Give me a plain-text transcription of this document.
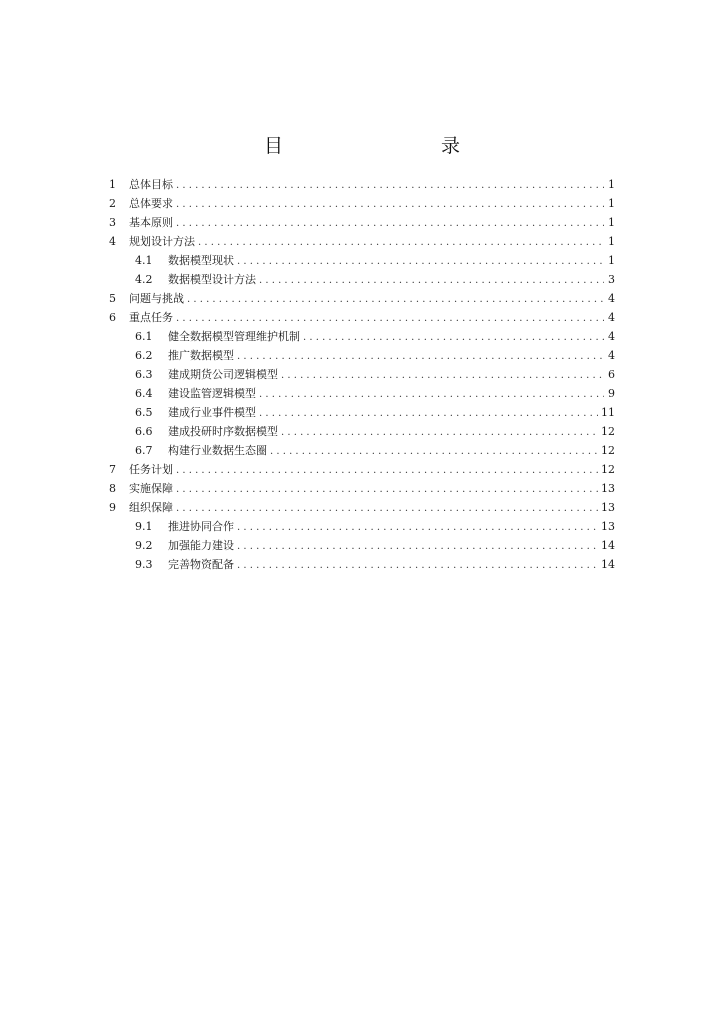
目　　录
1	总体目标 . . .	1
2	总体要求 . . .	1
3	基本原则 . . .	1
4	规划设计方法 . . .	1
4.1	数据模型现状 . . .	1
4.2	数据模型设计方法 . . .	3
5	问题与挑战 . . .	4
6	重点任务 . . .	4
6.1	健全数据模型管理维护机制 . . .	4
6.2	推广数据模型 . . .	4
6.3	建成期货公司逻辑模型 . . .	6
6.4	建设监管逻辑模型 . . .	9
6.5	建成行业事件模型 . . .	11
6.6	建成投研时序数据模型 . . .	12
6.7	构建行业数据生态圈 . . .	12
7	任务计划 . . .	12
8	实施保障 . . .	13
9	组织保障 . . .	13
9.1	推进协同合作 . . .	13
9.2	加强能力建设 . . .	14
9.3	完善物资配备 . . .	14
